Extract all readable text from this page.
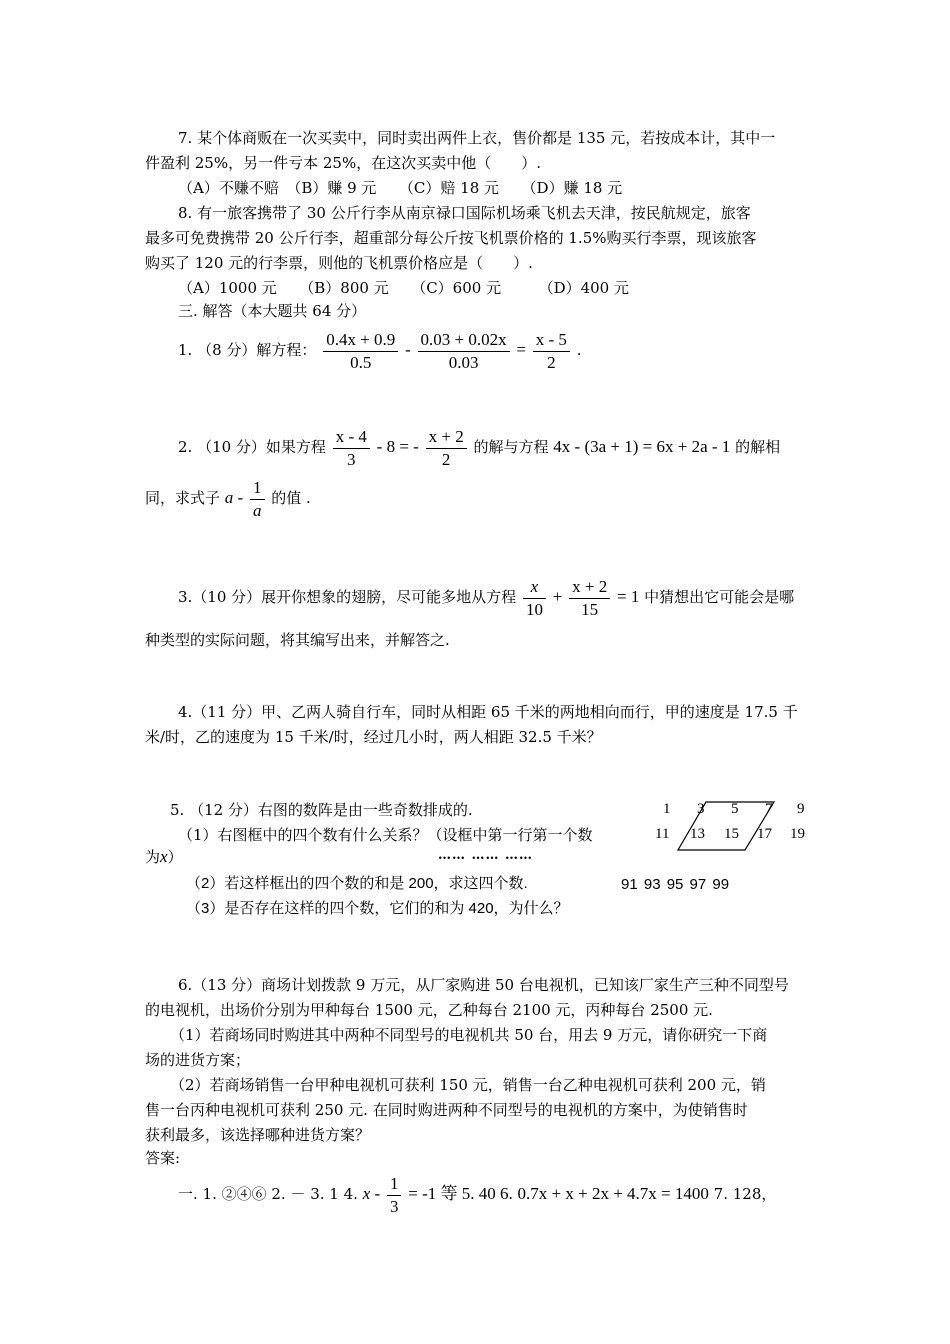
7. 某个体商贩在一次买卖中，同时卖出两件上衣，售价都是 135 元，若按成本计，其中一
件盈利 25%，另一件亏本 25%，在这次买卖中他（　　）.
（A）不赚不赔　（B）赚 9 元　　（C）赔 18 元　　（D）赚 18 元
8. 有一旅客携带了 30 公斤行李从南京禄口国际机场乘飞机去天津，按民航规定，旅客
最多可免费携带 20 公斤行李，超重部分每公斤按飞机票价格的 1.5%购买行李票，现该旅客
购买了 120 元的行李票，则他的飞机票价格应是（　　）.
（A）1000 元　　（B）800 元　　（C）600 元　　　（D）400 元
三. 解答（本大题共 64 分）
1. （8 分）解方程： $\frac{0.4x + 0.9}{0.5} - \frac{0.03 + 0.02x}{0.03} = \frac{x - 5}{2}$ .
2. （10 分）如果方程 $\frac{x - 4}{3} - 8$ = - $\frac{x + 2}{2}$ 的解与方程 4x - (3a + 1) = 6x + 2a - 1 的解相
同，求式子 a - $\frac{1}{a}$ 的值 .
3.（10 分）展开你想象的翅膀，尽可能多地从方程 $\frac{x}{10} + \frac{x + 2}{15} = 1$ 中猜想出它可能会是哪
种类型的实际问题，将其编写出来，并解答之.
4.（11 分）甲、乙两人骑自行车，同时从相距 65 千米的两地相向而行，甲的速度是 17.5 千
米/时，乙的速度为 15 千米/时，经过几小时，两人相距 32.5 千米？
5. （12 分）右图的数阵是由一些奇数排成的.
（1）右图框中的四个数有什么关系？（设框中第一行第一个数
为x）	…… …… ……
（2）若这样框出的四个数的和是 200，求这四个数.
（3）是否存在这样的四个数，它们的和为 420，为什么？
1 3 5 7 9
11 13 15 17 19
91 93 95 97 99
6.（13 分）商场计划拨款 9 万元，从厂家购进 50 台电视机，已知该厂家生产三种不同型号
的电视机，出场价分别为甲种每台 1500 元，乙种每台 2100 元，丙种每台 2500 元.
（1）若商场同时购进其中两种不同型号的电视机共 50 台，用去 9 万元，请你研究一下商
场的进货方案；
（2）若商场销售一台甲种电视机可获利 150 元，销售一台乙种电视机可获利 200 元，销
售一台丙种电视机可获利 250 元. 在同时购进两种不同型号的电视机的方案中，为使销售时
获利最多，该选择哪种进货方案？
答案:
一. 1. ②④⑥ 2. － 3. 1 4. $x - \frac{1}{3} = -1$ 等 5. 40 6. 0.7x + x + 2x + 4.7x = 1400 7. 128，
